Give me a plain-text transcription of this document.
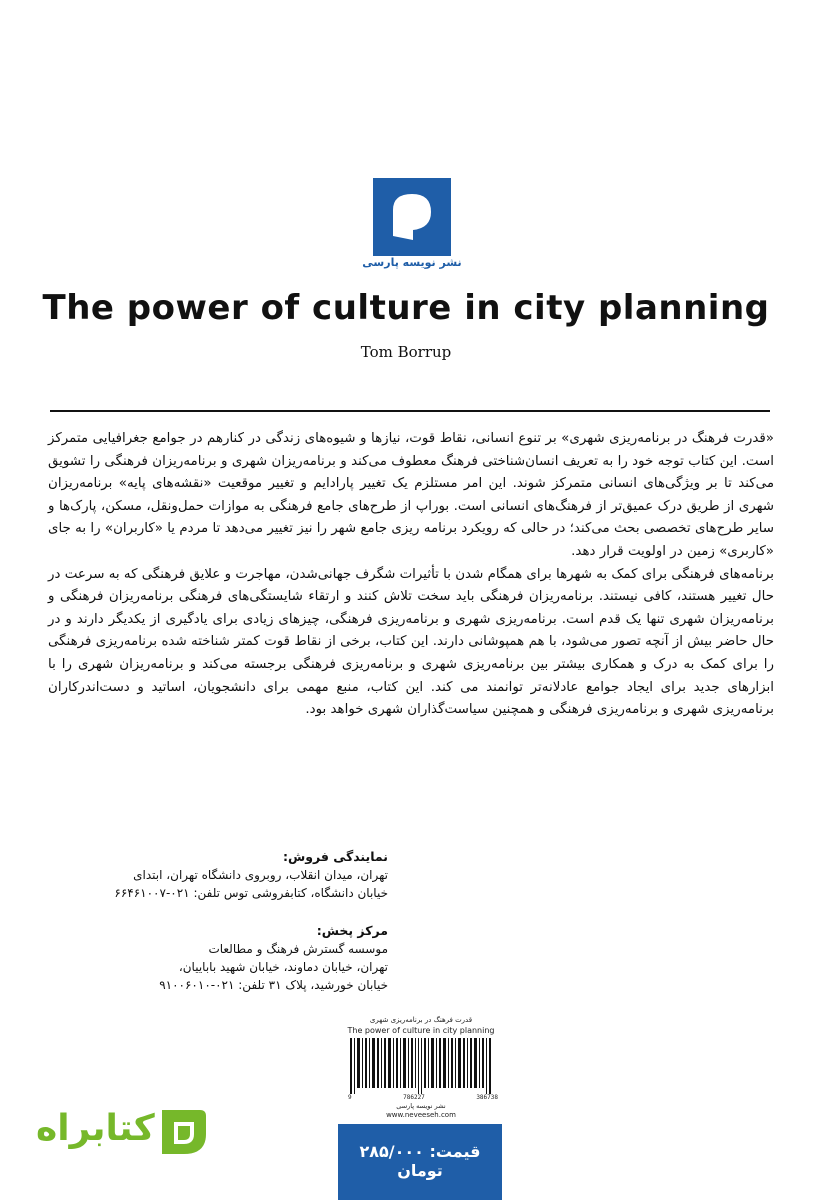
نشر نویسه پارسی
The power of culture in city planning
Tom Borrup

«قدرت فرهنگ در برنامه‌ریزی شهری» بر تنوع انسانی، نقاط قوت، نیازها و شیوه‌های زندگی در کنارهم در جوامع جغرافیایی متمرکز است. این کتاب توجه خود را به تعریف انسان‌شناختی فرهنگ معطوف می‌کند و برنامه‌ریزان شهری و برنامه‌ریزان فرهنگی را تشویق می‌کند تا بر ویژگی‌های انسانی متمرکز شوند. این امر مستلزم یک تغییر پارادایم و تغییر موقعیت «نقشه‌های پایه» برنامه‌ریزان شهری از طریق درک عمیق‌تر از فرهنگ‌های انسانی است. بوراپ از طرح‌های جامع فرهنگی به موازات حمل‌ونقل، مسکن، پارک‌ها و سایر طرح‌های تخصصی بحث می‌کند؛ در حالی که رویکرد برنامه ریزی جامع شهر را نیز تغییر می‌دهد تا مردم یا «کاربران» را به جای «کاربری» زمین در اولویت قرار دهد.

برنامه‌های فرهنگی برای کمک به شهرها برای همگام شدن با تأثیرات شگرف جهانی‌شدن، مهاجرت و علایق فرهنگی که به سرعت در حال تغییر هستند، کافی نیستند. برنامه‌ریزان فرهنگی باید سخت تلاش کنند و ارتقاء شایستگی‌های فرهنگی برنامه‌ریزان فرهنگی و برنامه‌ریزان شهری تنها یک قدم است. برنامه‌ریزی شهری و برنامه‌ریزی فرهنگی، چیزهای زیادی برای یادگیری از یکدیگر دارند و در حال حاضر بیش از آنچه تصور می‌شود، با هم همپوشانی دارند. این کتاب، برخی از نقاط قوت کمتر شناخته شده برنامه‌ریزی فرهنگی را برای کمک به درک و همکاری بیشتر بین برنامه‌ریزی شهری و برنامه‌ریزی فرهنگی برجسته می‌کند و برنامه‌ریزان شهری را با ابزارهای جدید برای ایجاد جوامع عادلانه‌تر توانمند می کند. این کتاب، منبع مهمی برای دانشجویان، اساتید و دست‌اندرکاران برنامه‌ریزی شهری و برنامه‌ریزی فرهنگی و همچنین سیاست‌گذاران شهری خواهد بود.

نمایندگی فروش:
تهران، میدان انقلاب، روبروی دانشگاه تهران، ابتدای
خیابان دانشگاه، کتابفروشی توس تلفن: ۰۲۱-۶۶۴۶۱۰۰۷
مرکز پخش:
موسسه گسترش فرهنگ و مطالعات
تهران، خیابان دماوند، خیابان شهید باباییان،
خیابان خورشید، پلاک ۳۱ تلفن: ۰۲۱-۹۱۰۰۶۰۱۰
قدرت فرهنگ در برنامه‌ریزی شهری
The power of culture in city planning
9	786227	386738
نشر نویسه پارسی
www.neveeseh.com
قیمت: ۲۸۵/۰۰۰ تومان
کتابراه
